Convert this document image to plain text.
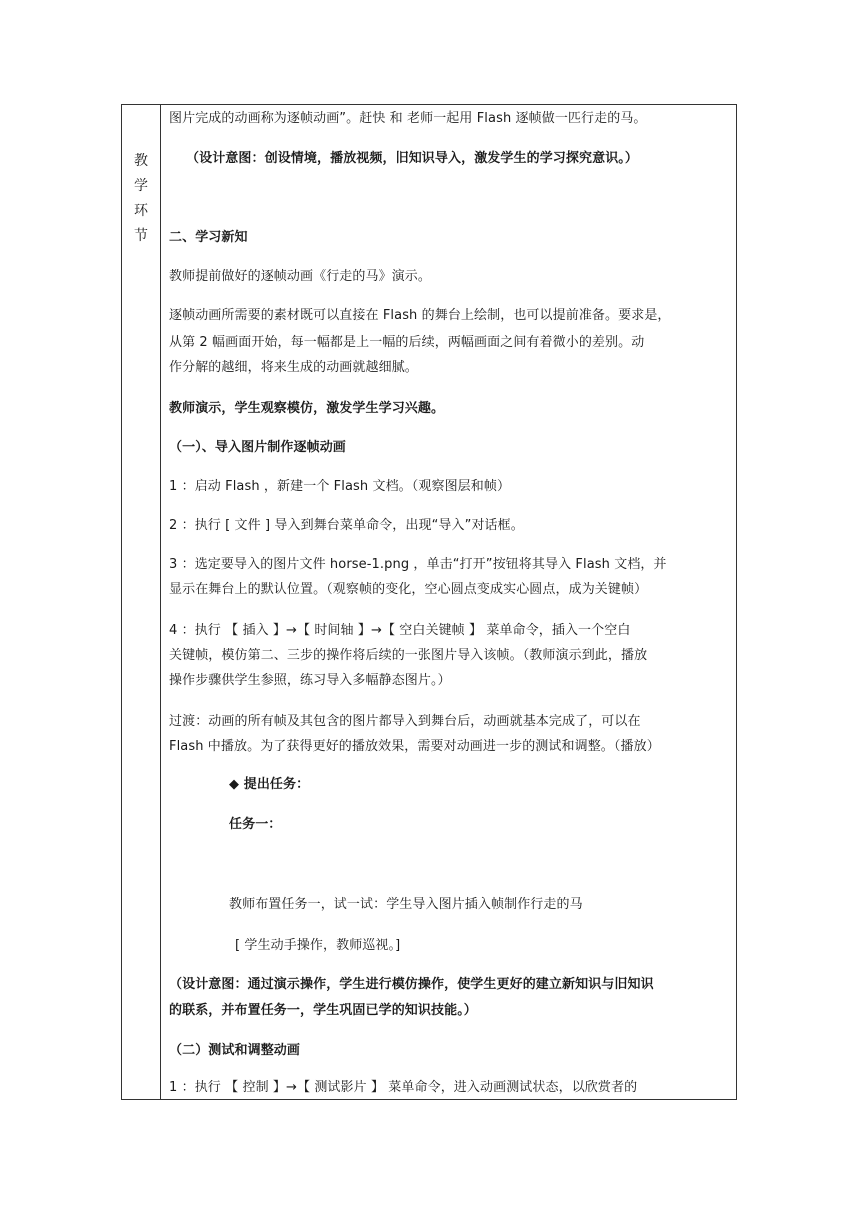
教
学
环
节
图片完成的动画称为逐帧动画”。赶快 和 老师一起用 Flash 逐帧做一匹行走的马。
（设计意图：创设情境，播放视频，旧知识导入，激发学生的学习探究意识。）
二、学习新知
教师提前做好的逐帧动画《行走的马》演示。
逐帧动画所需要的素材既可以直接在 Flash 的舞台上绘制，也可以提前准备。要求是，
从第 2 幅画面开始，每一幅都是上一幅的后续，两幅画面之间有着微小的差别。动
作分解的越细，将来生成的动画就越细腻。
教师演示，学生观察模仿，激发学生学习兴趣。
（一）、导入图片制作逐帧动画
1 ：启动 Flash ，新建一个 Flash 文档。（观察图层和帧）
2 ：执行 [ 文件 ] 导入到舞台菜单命令，出现“导入”对话框。
3 ：选定要导入的图片文件 horse-1.png ，单击“打开”按钮将其导入 Flash 文档，并
显示在舞台上的默认位置。（观察帧的变化，空心圆点变成实心圆点，成为关键帧）
4 ：执行 【 插入 】→【 时间轴 】→【 空白关键帧 】 菜单命令，插入一个空白
关键帧，模仿第二、三步的操作将后续的一张图片导入该帧。（教师演示到此，播放
操作步骤供学生参照，练习导入多幅静态图片。）
过渡：动画的所有帧及其包含的图片都导入到舞台后，动画就基本完成了，可以在
Flash 中播放。为了获得更好的播放效果，需要对动画进一步的测试和调整。（播放）
◆ 提出任务：
任务一：
教师布置任务一，试一试：学生导入图片插入帧制作行走的马
[ 学生动手操作，教师巡视。]
（设计意图：通过演示操作，学生进行模仿操作，使学生更好的建立新知识与旧知识
的联系，并布置任务一，学生巩固已学的知识技能。）
（二）测试和调整动画
1 ：执行 【 控制 】→【 测试影片 】 菜单命令，进入动画测试状态，以欣赏者的
